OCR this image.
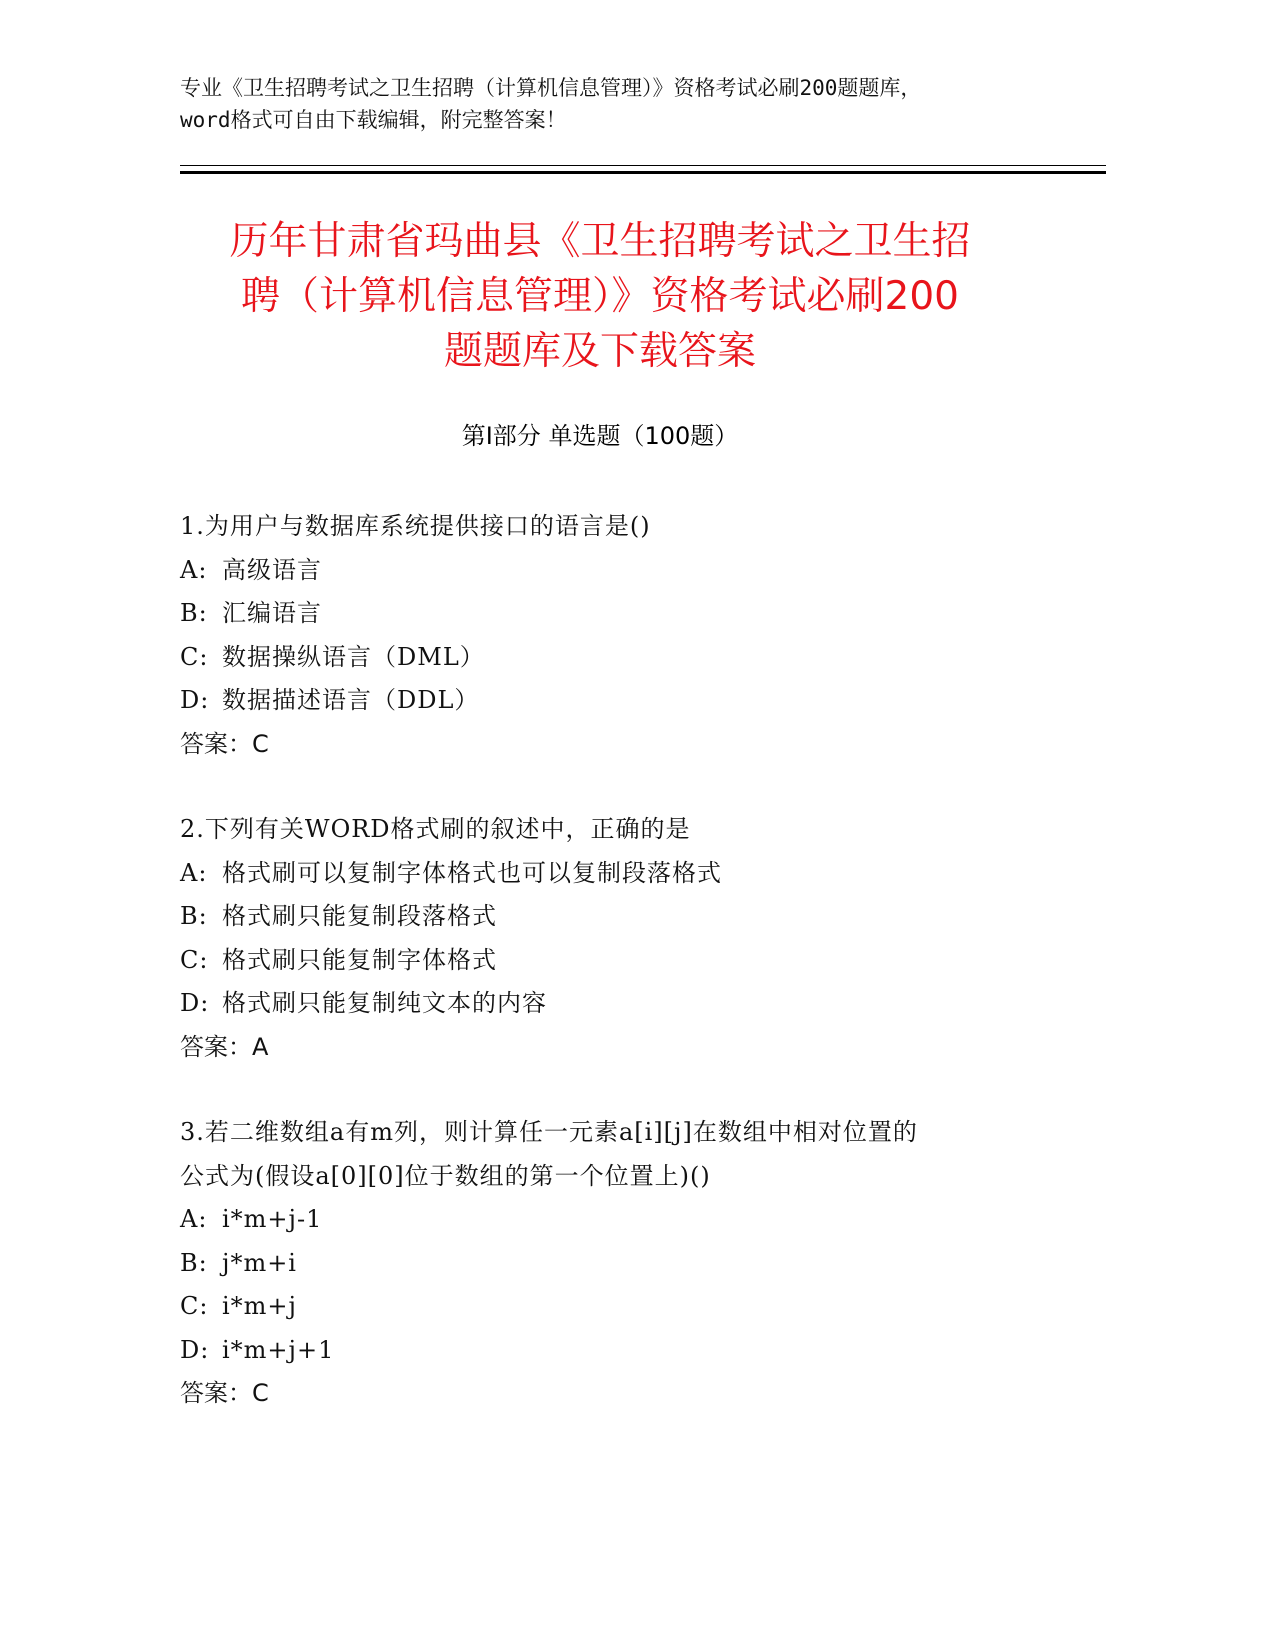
专业《卫生招聘考试之卫生招聘（计算机信息管理）》资格考试必刷200题题库，
word格式可自由下载编辑，附完整答案！
历年甘肃省玛曲县《卫生招聘考试之卫生招
聘（计算机信息管理）》资格考试必刷200
题题库及下载答案
第Ⅰ部分 单选题（100题）
1.为用户与数据库系统提供接口的语言是()
A: 高级语言
B: 汇编语言
C: 数据操纵语言（DML）
D: 数据描述语言（DDL）
答案：C
2.下列有关WORD格式刷的叙述中，正确的是
A: 格式刷可以复制字体格式也可以复制段落格式
B: 格式刷只能复制段落格式
C: 格式刷只能复制字体格式
D: 格式刷只能复制纯文本的内容
答案：A
3.若二维数组a有m列，则计算任一元素a[i][j]在数组中相对位置的
公式为(假设a[0][0]位于数组的第一个位置上)()
A: i*m+j-1
B: j*m+i
C: i*m+j
D: i*m+j+1
答案：C
